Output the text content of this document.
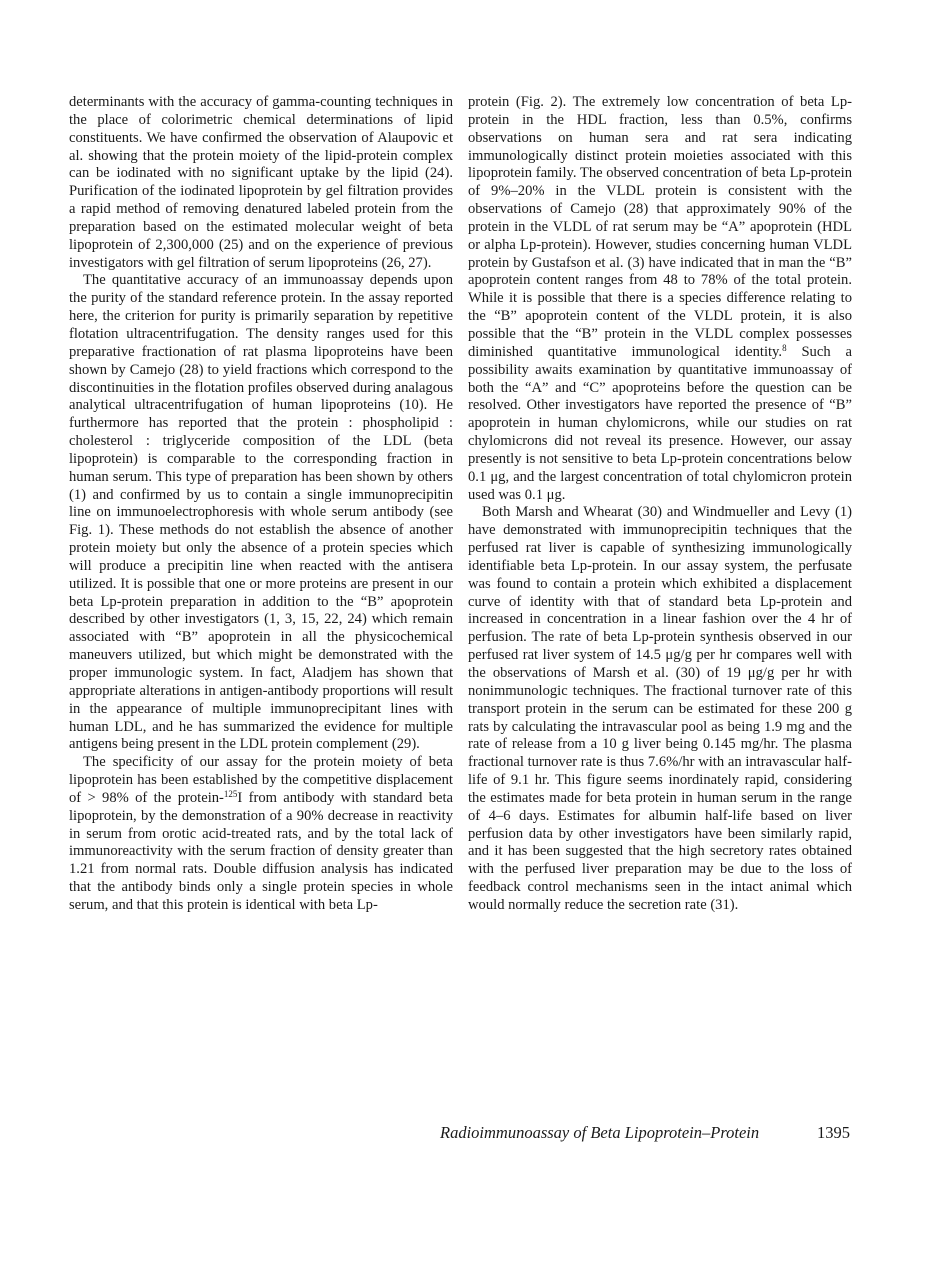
determinants with the accuracy of gamma-counting techniques in the place of colorimetric chemical determinations of lipid constituents. We have confirmed the observation of Alaupovic et al. showing that the protein moiety of the lipid-protein complex can be iodinated with no significant uptake by the lipid (24). Purification of the iodinated lipoprotein by gel filtration provides a rapid method of removing denatured labeled protein from the preparation based on the estimated molecular weight of beta lipoprotein of 2,300,000 (25) and on the experience of previous investigators with gel filtration of serum lipoproteins (26, 27).

The quantitative accuracy of an immunoassay depends upon the purity of the standard reference protein. In the assay reported here, the criterion for purity is primarily separation by repetitive flotation ultracentrifugation. The density ranges used for this preparative fractionation of rat plasma lipoproteins have been shown by Camejo (28) to yield fractions which correspond to the discontinuities in the flotation profiles observed during analagous analytical ultracentrifugation of human lipoproteins (10). He furthermore has reported that the protein : phospholipid : cholesterol : triglyceride composition of the LDL (beta lipoprotein) is comparable to the corresponding fraction in human serum. This type of preparation has been shown by others (1) and confirmed by us to contain a single immunoprecipitin line on immunoelectrophoresis with whole serum antibody (see Fig. 1). These methods do not establish the absence of another protein moiety but only the absence of a protein species which will produce a precipitin line when reacted with the antisera utilized. It is possible that one or more proteins are present in our beta Lp-protein preparation in addition to the “B” apoprotein described by other investigators (1, 3, 15, 22, 24) which remain associated with “B” apoprotein in all the physicochemical maneuvers utilized, but which might be demonstrated with the proper immunologic system. In fact, Aladjem has shown that appropriate alterations in antigen-antibody proportions will result in the appearance of multiple immunoprecipitant lines with human LDL, and he has summarized the evidence for multiple antigens being present in the LDL protein complement (29).

The specificity of our assay for the protein moiety of beta lipoprotein has been established by the competitive displacement of > 98% of the protein-$^{125}$I from antibody with standard beta lipoprotein, by the demonstration of a 90% decrease in reactivity in serum from orotic acid-treated rats, and by the total lack of immunoreactivity with the serum fraction of density greater than 1.21 from normal rats. Double diffusion analysis has indicated that the antibody binds only a single protein species in whole serum, and that this protein is identical with beta Lp-

protein (Fig. 2). The extremely low concentration of beta Lp-protein in the HDL fraction, less than 0.5%, confirms observations on human sera and rat sera indicating immunologically distinct protein moieties associated with this lipoprotein family. The observed concentration of beta Lp-protein of 9%–20% in the VLDL protein is consistent with the observations of Camejo (28) that approximately 90% of the protein in the VLDL of rat serum may be “A” apoprotein (HDL or alpha Lp-protein). However, studies concerning human VLDL protein by Gustafson et al. (3) have indicated that in man the “B” apoprotein content ranges from 48 to 78% of the total protein. While it is possible that there is a species difference relating to the “B” apoprotein content of the VLDL protein, it is also possible that the “B” protein in the VLDL complex possesses diminished quantitative immunological identity.$^8$ Such a possibility awaits examination by quantitative immunoassay of both the “A” and “C” apoproteins before the question can be resolved. Other investigators have reported the presence of “B” apoprotein in human chylomicrons, while our studies on rat chylomicrons did not reveal its presence. However, our assay presently is not sensitive to beta Lp-protein concentrations below 0.1 μg, and the largest concentration of total chylomicron protein used was 0.1 μg.

Both Marsh and Whearat (30) and Windmueller and Levy (1) have demonstrated with immunoprecipitin techniques that the perfused rat liver is capable of synthesizing immunologically identifiable beta Lp-protein. In our assay system, the perfusate was found to contain a protein which exhibited a displacement curve of identity with that of standard beta Lp-protein and increased in concentration in a linear fashion over the 4 hr of perfusion. The rate of beta Lp-protein synthesis observed in our perfused rat liver system of 14.5 μg/g per hr compares well with the observations of Marsh et al. (30) of 19 μg/g per hr with nonimmunologic techniques. The fractional turnover rate of this transport protein in the serum can be estimated for these 200 g rats by calculating the intravascular pool as being 1.9 mg and the rate of release from a 10 g liver being 0.145 mg/hr. The plasma fractional turnover rate is thus 7.6%/hr with an intravascular half-life of 9.1 hr. This figure seems inordinately rapid, considering the estimates made for beta protein in human serum in the range of 4–6 days. Estimates for albumin half-life based on liver perfusion data by other investigators have been similarly rapid, and it has been suggested that the high secretory rates obtained with the perfused liver preparation may be due to the loss of feedback control mechanisms seen in the intact animal which would normally reduce the secretion rate (31).

Radioimmunoassay of Beta Lipoprotein–Protein	1395
